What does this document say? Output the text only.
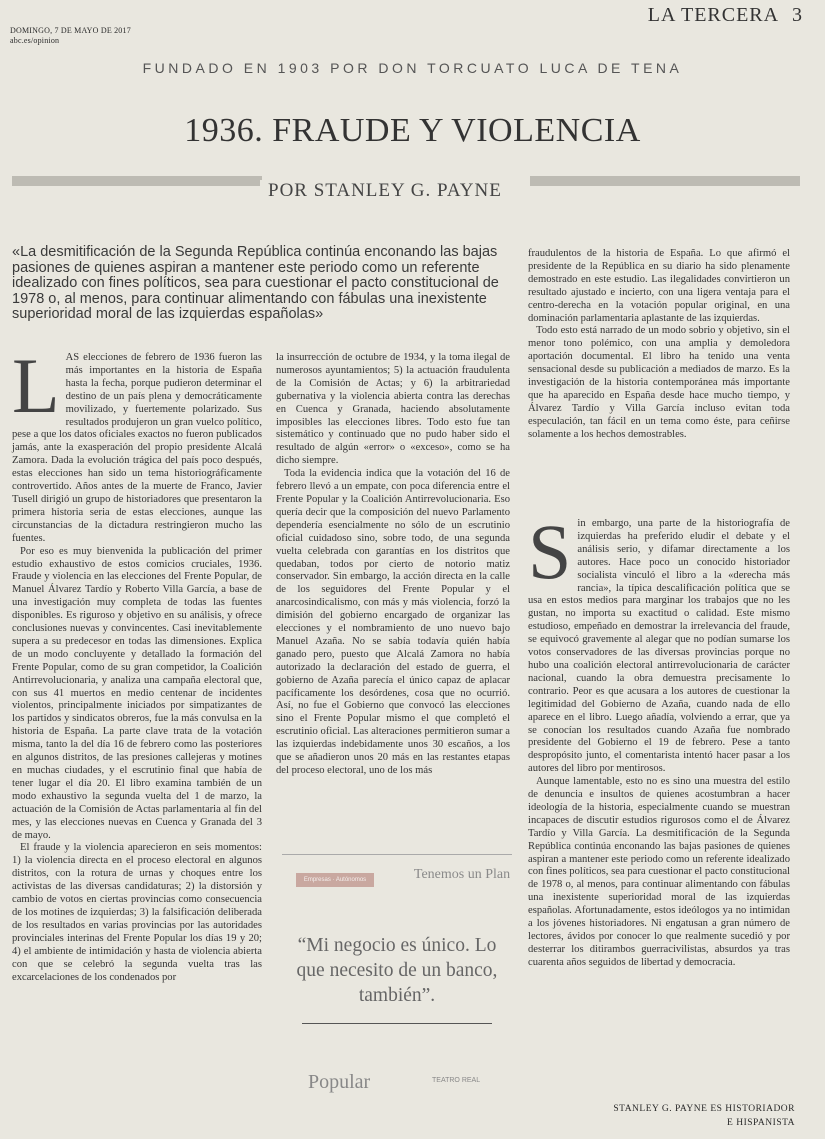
DOMINGO, 7 DE MAYO DE 2017
abc.es/opinion
LA TERCERA 3
FUNDADO EN 1903 POR DON TORCUATO LUCA DE TENA
1936. FRAUDE Y VIOLENCIA
POR STANLEY G. PAYNE
«La desmitificación de la Segunda República continúa enconando las bajas pasiones de quienes aspiran a mantener este periodo como un referente idealizado con fines políticos, sea para cuestionar el pacto constitucional de 1978 o, al menos, para continuar alimentando con fábulas una inexistente superioridad moral de las izquierdas españolas»

LAS elecciones de febrero de 1936 fueron las más importantes en la historia de España hasta la fecha, porque pudieron determinar el destino de un país plena y democráticamente movilizado, y fuertemente polarizado. Sus resultados produjeron un gran vuelco político, pese a que los datos oficiales exactos no fueron publicados jamás, ante la exasperación del propio presidente Alcalá Zamora. Dada la evolución trágica del país poco después, estas elecciones han sido un tema historiográficamente controvertido. Años antes de la muerte de Franco, Javier Tusell dirigió un grupo de historiadores que presentaron la primera historia seria de estas elecciones, aunque las circunstancias de la dictadura restringieron mucho las fuentes.

Por eso es muy bienvenida la publicación del primer estudio exhaustivo de estos comicios cruciales, 1936. Fraude y violencia en las elecciones del Frente Popular, de Manuel Álvarez Tardío y Roberto Villa García, a base de una investigación muy completa de todas las fuentes disponibles. Es riguroso y objetivo en su análisis, y ofrece conclusiones nuevas y convincentes. Casi inevitablemente supera a su predecesor en todas las dimensiones. Explica de un modo concluyente y detallado la formación del Frente Popular, como de su gran competidor, la Coalición Antirrevolucionaria, y analiza una campaña electoral que, con sus 41 muertos en medio centenar de incidentes violentos, principalmente iniciados por simpatizantes de los partidos y sindicatos obreros, fue la más convulsa en la historia de España. La parte clave trata de la votación misma, tanto la del día 16 de febrero como las posteriores en algunos distritos, de las presiones callejeras y motines en muchas ciudades, y el escrutinio final que había de tener lugar el día 20. El libro examina también de un modo exhaustivo la segunda vuelta del 1 de marzo, la actuación de la Comisión de Actas parlamentaria al fin del mes, y las elecciones nuevas en Cuenca y Granada del 3 de mayo.

El fraude y la violencia aparecieron en seis momentos: 1) la violencia directa en el proceso electoral en algunos distritos, con la rotura de urnas y choques entre los activistas de las diversas candidaturas; 2) la distorsión y cambio de votos en ciertas provincias como consecuencia de los motines de izquierdas; 3) la falsificación deliberada de los resultados en varias provincias por las autoridades provinciales interinas del Frente Popular los días 19 y 20; 4) el ambiente de intimidación y hasta de violencia abierta con que se celebró la segunda vuelta tras las excarcelaciones de los condenados por

la insurrección de octubre de 1934, y la toma ilegal de numerosos ayuntamientos; 5) la actuación fraudulenta de la Comisión de Actas; y 6) la arbitrariedad gubernativa y la violencia abierta contra las derechas en Cuenca y Granada, haciendo absolutamente imposibles las elecciones libres. Todo esto fue tan sistemático y continuado que no pudo haber sido el resultado de algún «error» o «exceso», como se ha dicho siempre.

Toda la evidencia indica que la votación del 16 de febrero llevó a un empate, con poca diferencia entre el Frente Popular y la Coalición Antirrevolucionaria. Eso quería decir que la composición del nuevo Parlamento dependería esencialmente no sólo de un escrutinio oficial cuidadoso sino, sobre todo, de una segunda vuelta celebrada con garantías en los distritos que quedaban, todos por cierto de notorio matiz conservador. Sin embargo, la acción directa en la calle de los seguidores del Frente Popular y el anarcosindicalismo, con más y más violencia, forzó la dimisión del gobierno encargado de organizar las elecciones y el nombramiento de uno nuevo bajo Manuel Azaña. No se sabía todavía quién había ganado pero, puesto que Alcalá Zamora no había autorizado la declaración del estado de guerra, el gobierno de Azaña parecía el único capaz de aplacar pacíficamente los desórdenes, cosa que no ocurrió. Así, no fue el Gobierno que convocó las elecciones sino el Frente Popular mismo el que completó el escrutinio oficial. Las alteraciones permitieron sumar a las izquierdas indebidamente unos 30 escaños, a los que se añadieron unos 20 más en las restantes etapas del proceso electoral, uno de los más

fraudulentos de la historia de España. Lo que afirmó el presidente de la República en su diario ha sido plenamente demostrado en este estudio. Las ilegalidades convirtieron un resultado ajustado e incierto, con una ligera ventaja para el centro-derecha en la votación popular original, en una dominación parlamentaria aplastante de las izquierdas.

Todo esto está narrado de un modo sobrio y objetivo, sin el menor tono polémico, con una amplia y demoledora aportación documental. El libro ha tenido una venta sensacional desde su publicación a mediados de marzo. Es la investigación de la historia contemporánea más importante que ha aparecido en España desde hace mucho tiempo, y Álvarez Tardío y Villa García incluso evitan toda especulación, tan fácil en un tema como éste, para ceñirse solamente a los hechos demostrables.

Sin embargo, una parte de la historiografía de izquierdas ha preferido eludir el debate y el análisis serio, y difamar directamente a los autores. Hace poco un conocido historiador socialista vinculó el libro a la «derecha más rancia», la típica descalificación política que se usa en estos medios para marginar los trabajos que no les gustan, no importa su exactitud o calidad. Este mismo estudioso, empeñado en demostrar la irrelevancia del fraude, se equivocó gravemente al alegar que no podían sumarse los votos conservadores de las diversas provincias porque no hubo una coalición electoral antirrevolucionaria de carácter nacional, cuando la obra demuestra precisamente lo contrario. Peor es que acusara a los autores de cuestionar la legitimidad del Gobierno de Azaña, cuando nada de ello aparece en el libro. Luego añadía, volviendo a errar, que ya se conocían los resultados cuando Azaña fue nombrado presidente del Gobierno el 19 de febrero. Pese a tanto despropósito junto, el comentarista intentó hacer pasar a los autores del libro por mentirosos.

Aunque lamentable, esto no es sino una muestra del estilo de denuncia e insultos de quienes acostumbran a hacer ideología de la historia, especialmente cuando se muestran incapaces de discutir estudios rigurosos como el de Álvarez Tardío y Villa García. La desmitificación de la Segunda República continúa enconando las bajas pasiones de quienes aspiran a mantener este periodo como un referente idealizado con fines políticos, sea para cuestionar el pacto constitucional de 1978 o, al menos, para continuar alimentando con fábulas una inexistente superioridad moral de las izquierdas españolas. Afortunadamente, estos ideólogos ya no intimidan a los jóvenes historiadores. Ni engatusan a gran número de lectores, ávidos por conocer lo que realmente sucedió y por desterrar los ditirambos guerracivilistas, absurdos ya tras cuarenta años seguidos de libertad y democracia.

Empresas · Autónomos	Tenemos un Plan
“Mi negocio es único. Lo que necesito de un banco, también”.
Popular	TEATRO REAL
STANLEY G. PAYNE ES HISTORIADOR
E HISPANISTA
